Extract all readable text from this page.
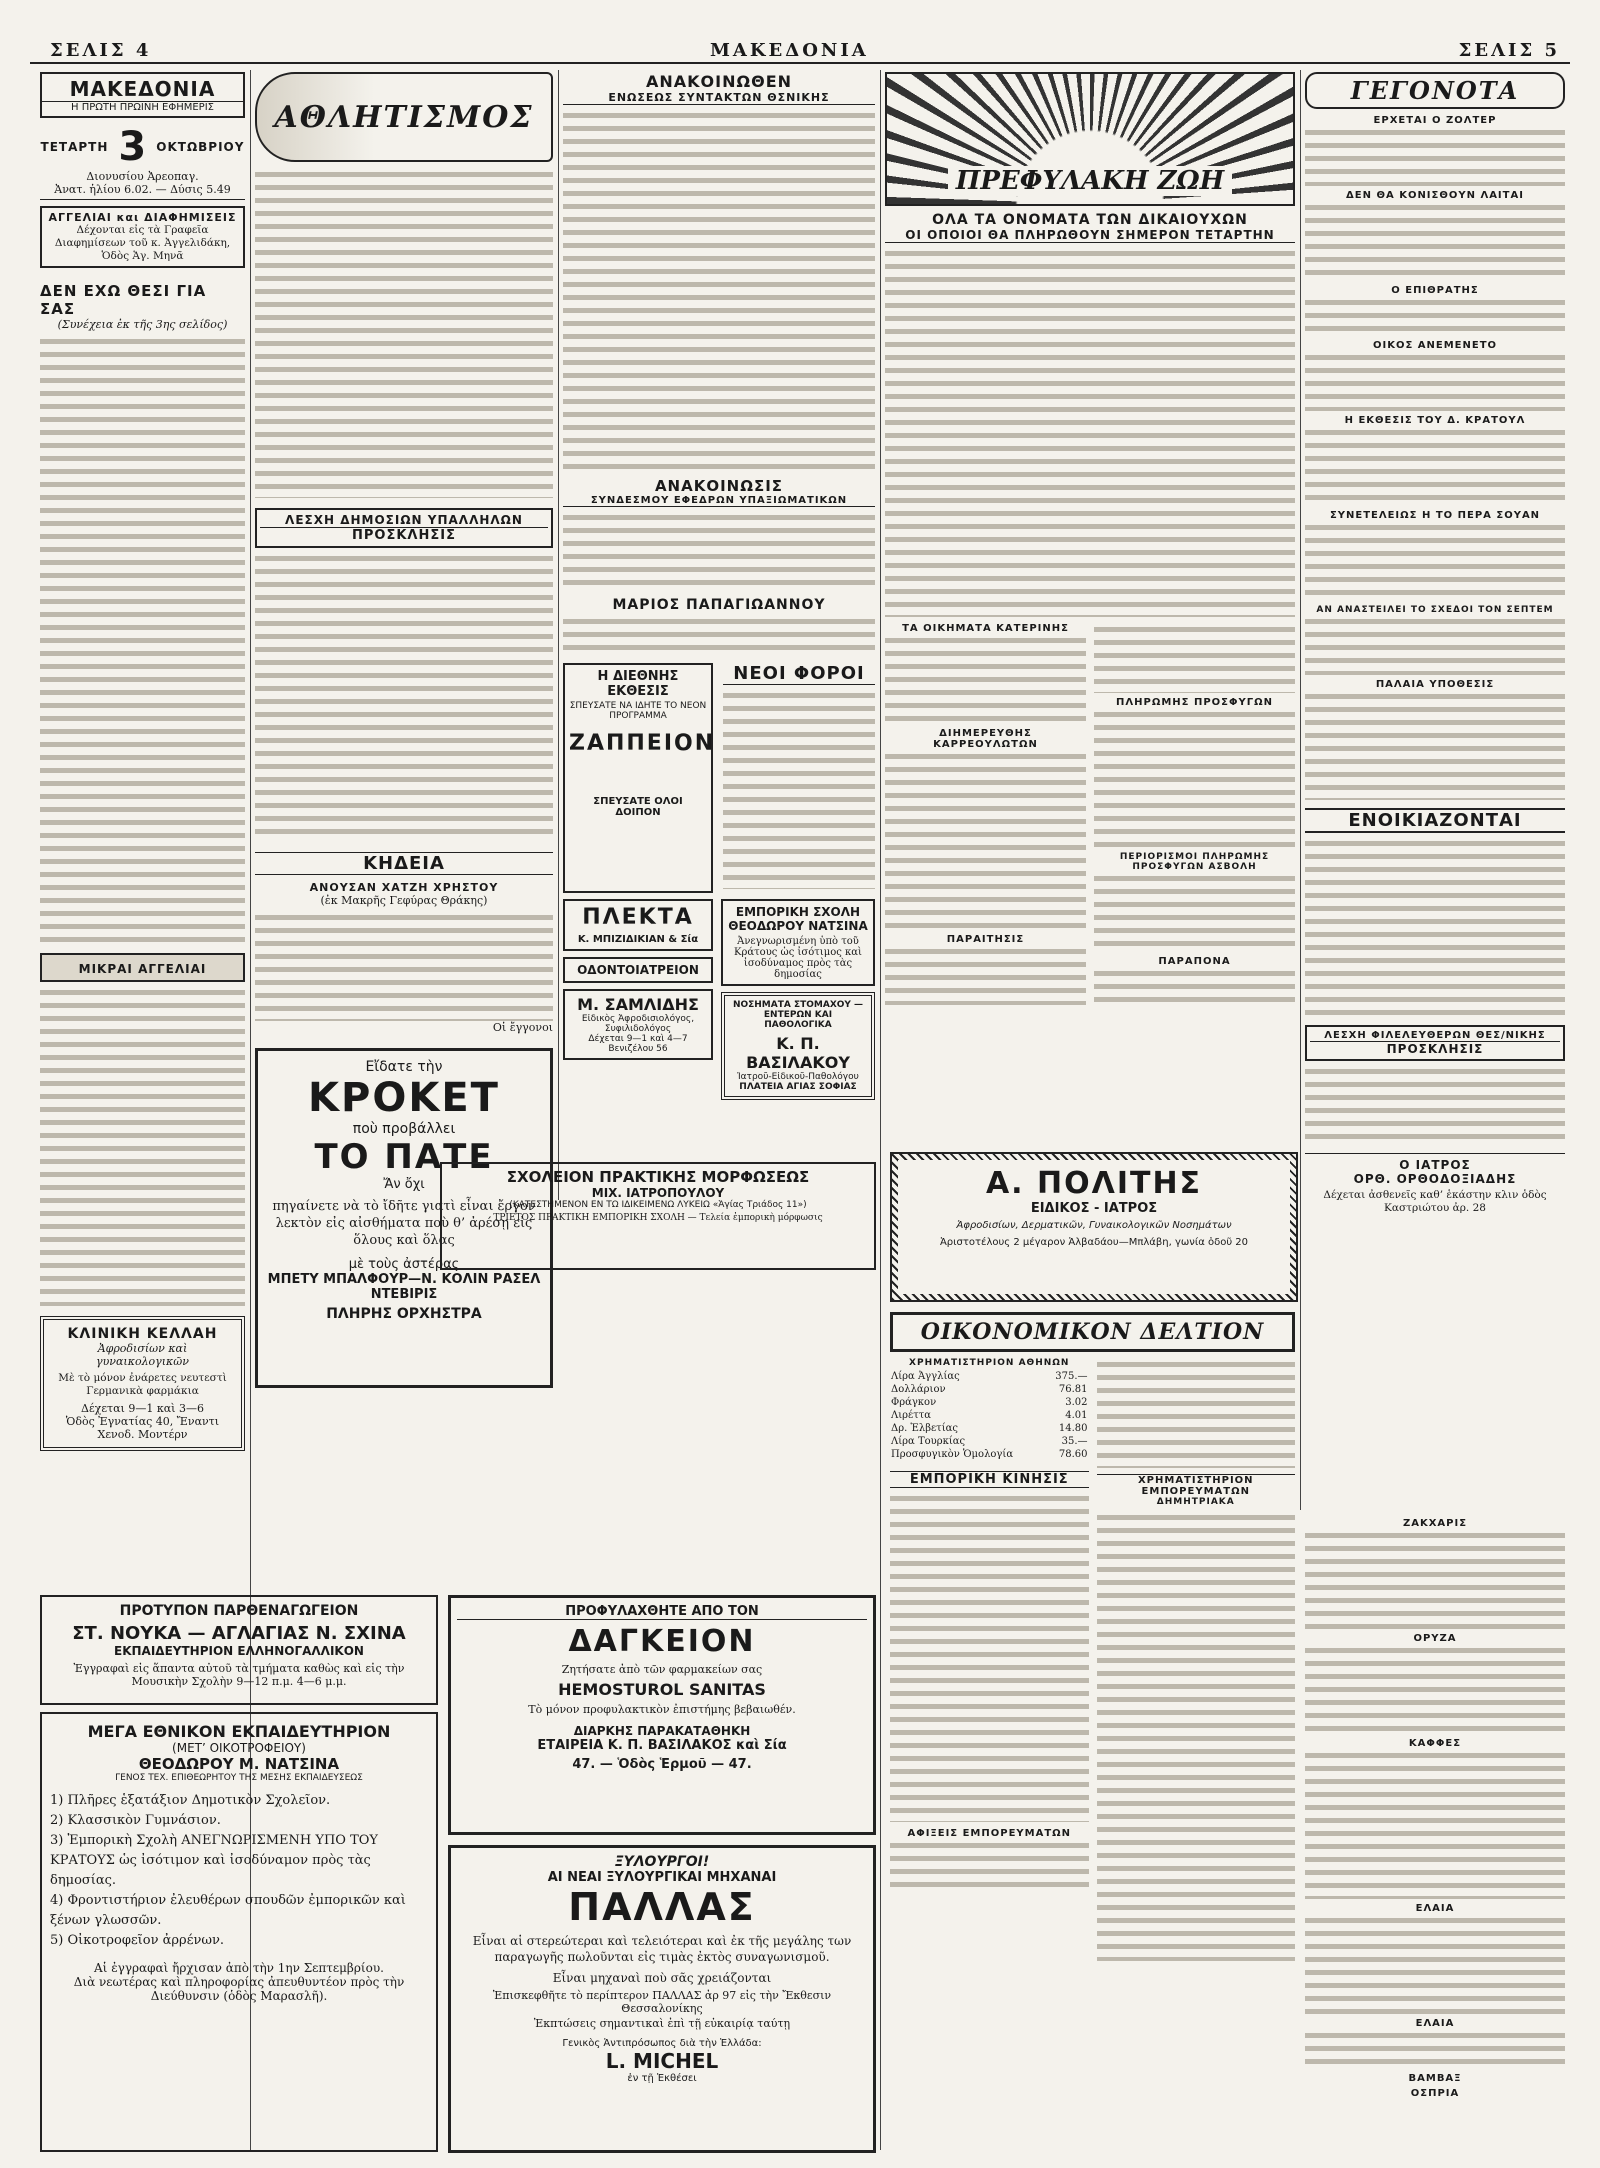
ΣΕΛΙΣ 4	ΜΑΚΕΔΟΝΙΑ	ΣΕΛΙΣ 5
ΜΑΚΕΔΟΝΙΑ
Η ΠΡΩΤΗ ΠΡΩΙΝΗ ΕΦΗΜΕΡΙΣ
ΤΕΤΑΡΤΗ 3 ΟΚΤΩΒΡΙΟΥ
Διονυσίου Ἀρεοπαγ.
Ἀνατ. ἡλίου 6.02. — Δύσις 5.49
ΑΓΓΕΛΙΑΙ και ΔΙΑΦΗΜΙΣΕΙΣ
Δέχονται εἰς τὰ Γραφεῖα Διαφημίσεων τοῦ κ. Ἀγγελιδάκη, Ὁδὸς Ἁγ. Μηνᾶ
ΔΕΝ ΕΧΩ ΘΕΣΙ ΓΙΑ ΣΑΣ
(Συνέχεια ἐκ τῆς 3ης σελίδος)
ΜΙΚΡΑΙ ΑΓΓΕΛΙΑΙ
ΚΛΙΝΙΚΗ ΚΕΛΛΑΗ
Ἀφροδισίων καὶ γυναικολογικῶν
Μὲ τὸ μόνον ἐνάρετες νευτεστὶ Γερμανικὰ φαρμάκια
Δέχεται 9—1 καὶ 3—6
Ὁδὸς Ἐγνατίας 40, Ἔναντι Χενοδ. Μοντέρν
ΑΘΛΗΤΙΣΜΟΣ
ΛΕΣΧΗ ΔΗΜΟΣΙΩΝ ΥΠΑΛΛΗΛΩΝ
ΠΡΟΣΚΛΗΣΙΣ
ΚΗΔΕΙΑ
ΑΝΟΥΣΑΝ ΧΑΤΖΗ ΧΡΗΣΤΟΥ
(ἐκ Μακρῆς Γεφύρας Θράκης)
Οἱ ἔγγονοι
Εἴδατε τὴν
ΚΡΟΚΕΤ
ποὺ προβάλλει
ΤΟ ΠΑΤΕ
Ἄν ὄχι
πηγαίνετε νὰ τὸ ἴδῆτε γιατὶ εἶναι ἔργον λεκτὸν εἰς αἰσθήματα ποὺ θ’ ἀρέσῃ εἰς ὅλους καὶ ὅλας
μὲ τοὺς ἀστέρας
ΜΠΕΤΥ ΜΠΑΛΦΟΥΡ—Ν. ΚΟΛΙΝ ΡΑΣΕΛ ΝΤΕΒΙΡΙΣ
ΠΛΗΡΗΣ ΟΡΧΗΣΤΡΑ
ΑΝΑΚΟΙΝΩΘΕΝ
ΕΝΩΣΕΩΣ ΣΥΝΤΑΚΤΩΝ ΘΣΝΙΚΗΣ
ΑΝΑΚΟΙΝΩΣΙΣ
ΣΥΝΔΕΣΜΟΥ ΕΦΕΔΡΩΝ ΥΠΑΞΙΩΜΑΤΙΚΩΝ
ΜΑΡΙΟΣ ΠΑΠΑΓΙΩΑΝΝΟΥ
Η ΔΙΕΘΝΗΣ ΕΚΘΕΣΙΣ
ΣΠΕΥΣΑΤΕ ΝΑ ΙΔΗΤΕ ΤΟ ΝΕΟΝ ΠΡΟΓΡΑΜΜΑ
ΖΑΠΠΕΙΟΝ
ΣΠΕΥΣΑΤΕ ΟΛΟΙ ΔΟΙΠΟΝ
ΝΕΟΙ ΦΟΡΟΙ
ΠΛΕΚΤΑ
Κ. ΜΠΙΖΙΔΙΚΙΑΝ & Σία
ΟΔΟΝΤΟΙΑΤΡΕΙΟΝ
Μ. ΣΑΜΛΙΔΗΣ
Εἰδικὸς Ἀφροδισιολόγος, Συφιλιδολόγος
Δέχεται 9—1 καὶ 4—7 Βενιζέλου 56
ΕΜΠΟΡΙΚΗ ΣΧΟΛΗ ΘΕΟΔΩΡΟΥ ΝΑΤΣΙΝΑ
Ἀνεγνωρισμένη ὑπὸ τοῦ Κράτους ὡς ἰσότιμος καὶ ἰσοδύναμος πρὸς τὰς δημοσίας
ΝΟΣΗΜΑΤΑ ΣΤΟΜΑΧΟΥ — ΕΝΤΕΡΩΝ ΚΑΙ ΠΑΘΟΛΟΓΙΚΑ
Κ. Π. ΒΑΣΙΛΑΚΟΥ
Ἰατροῦ-Εἰδικοῦ-Παθολόγου
ΠΛΑΤΕΙΑ ΑΓΙΑΣ ΣΟΦΙΑΣ
ΠΡΕΦΥΛΑΚΗ ΖΩΗ
ΟΛΑ ΤΑ ΟΝΟΜΑΤΑ ΤΩΝ ΔΙΚΑΙΟΥΧΩΝ
ΟΙ ΟΠΟΙΟΙ ΘΑ ΠΛΗΡΩΘΟΥΝ ΣΗΜΕΡΟΝ ΤΕΤΑΡΤΗΝ
ΤΑ ΟΙΚΗΜΑΤΑ ΚΑΤΕΡΙΝΗΣ
ΔΙΗΜΕΡΕΥΘΗΣ ΚΑΡΡΕΟΥΛΩΤΩΝ
ΠΑΡΑΙΤΗΣΙΣ
ΠΛΗΡΩΜΗΣ ΠΡΟΣΦΥΓΩΝ
ΠΕΡΙΟΡΙΣΜΟΙ ΠΛΗΡΩΜΗΣ ΠΡΟΣΦΥΓΩΝ ΑΣΒΟΛΗ
ΠΑΡΑΠΟΝΑ
ΓΕΓΟΝΟΤΑ
ΕΡΧΕΤΑΙ Ο ΖΟΛΤΕΡ
ΔΕΝ ΘΑ ΚΟΝΙΣΘΟΥΝ ΛΑΙΤΑΙ
Ο ΕΠΙΘΡΑΤΗΣ
ΟΙΚΟΣ ΑΝΕΜΕΝΕΤΟ
Η ΕΚΘΕΣΙΣ ΤΟΥ Δ. ΚΡΑΤΟΥΛ
ΣΥΝΕΤΕΛΕΙΩΣ Η ΤΟ ΠΕΡΑ ΣΟΥΑΝ
ΑΝ ΑΝΑΣΤΕΙΛΕΙ ΤΟ ΣΧΕΔΟΙ ΤΟΝ ΣΕΠΤΕΜ
ΠΑΛΑΙΑ ΥΠΟΘΕΣΙΣ
ΕΝΟΙΚΙΑΖΟΝΤΑΙ
ΛΕΣΧΗ ΦΙΛΕΛΕΥΘΕΡΩΝ ΘΕΣ/ΝΙΚΗΣ
ΠΡΟΣΚΛΗΣΙΣ
Ο ΙΑΤΡΟΣ
ΟΡΘ. ΟΡΘΟΔΟΞΙΑΔΗΣ
Δέχεται ἀσθενεῖς καθ’ ἑκάστην κλιν ὁδὸς Καστριώτου ἀρ. 28
ΣΧΟΛΕΙΟΝ ΠΡΑΚΤΙΚΗΣ ΜΟΡΦΩΣΕΩΣ
ΜΙΧ. ΙΑΤΡΟΠΟΥΛΟΥ
(ΚΑΤΕΣΤΗΜΕΝΟΝ ΕΝ ΤΩ ΙΔΙΚΕΙΜΕΝΩ ΛΥΚΕΙΩ «Ἁγίας Τριάδος 11»)
ΤΡΙΕΤΟΣ ΠΡΑΚΤΙΚΗ ΕΜΠΟΡΙΚΗ ΣΧΟΛΗ — Τελεία ἐμπορικὴ μόρφωσις
Α. ΠΟΛΙΤΗΣ
ΕΙΔΙΚΟΣ - ΙΑΤΡΟΣ
Ἀφροδισίων, Δερματικῶν, Γυναικολογικῶν Νοσημάτων
Ἀριστοτέλους 2 μέγαρον Ἀλβαδάου—Μπλάβη, γωνία ὁδοῦ 20
ΠΡΟΤΥΠΟΝ ΠΑΡΘΕΝΑΓΩΓΕΙΟΝ
ΣΤ. ΝΟΥΚΑ — ΑΓΛΑΓΙΑΣ Ν. ΣΧΙΝΑ
ΕΚΠΑΙΔΕΥΤΗΡΙΟΝ ΕΛΛΗΝΟΓΑΛΛΙΚΟΝ
Ἐγγραφαὶ εἰς ἅπαντα αὐτοῦ τὰ τμήματα καθὼς καὶ εἰς τὴν Μουσικὴν Σχολὴν 9—12 π.μ. 4—6 μ.μ.
ΜΕΓΑ ΕΘΝΙΚΟΝ ΕΚΠΑΙΔΕΥΤΗΡΙΟΝ
(ΜΕΤ’ ΟΙΚΟΤΡΟΦΕΙΟΥ)
ΘΕΟΔΩΡΟΥ Μ. ΝΑΤΣΙΝΑ
ΓΕΝΟΣ ΤΕΧ. ΕΠΙΘΕΩΡΗΤΟΥ ΤΗΣ ΜΕΣΗΣ ΕΚΠΑΙΔΕΥΣΕΩΣ
1) Πλῆρες ἑξατάξιον Δημοτικὸν Σχολεῖον.
2) Κλασσικὸν Γυμνάσιον.
3) Ἐμπορικὴ Σχολὴ ΑΝΕΓΝΩΡΙΣΜΕΝΗ ΥΠΟ ΤΟΥ ΚΡΑΤΟΥΣ ὡς ἰσότιμον καὶ ἰσοδύναμον πρὸς τὰς δημοσίας.
4) Φροντιστήριον ἐλευθέρων σπουδῶν ἐμπορικῶν καὶ ξένων γλωσσῶν.
5) Οἰκοτροφεῖον ἀρρένων.
Αἱ ἐγγραφαὶ ἤρχισαν ἀπὸ τὴν 1ην Σεπτεμβρίου.
Διὰ νεωτέρας καὶ πληροφορίας ἀπευθυντέον πρὸς τὴν Διεύθυνσιν (ὁδὸς Μαρασλῆ).
ΠΡΟΦΥΛΑΧΘΗΤΕ ΑΠΟ ΤΟΝ
ΔΑΓΚΕΙΟΝ
Ζητήσατε ἀπὸ τῶν φαρμακείων σας
HEMOSTUROL SANITAS
Τὸ μόνον προφυλακτικὸν ἐπιστήμης βεβαιωθέν.
ΔΙΑΡΚΗΣ ΠΑΡΑΚΑΤΑΘΗΚΗ
ΕΤΑΙΡΕΙΑ Κ. Π. ΒΑΣΙΛΑΚΟΣ καὶ Σία
47. — Ὁδὸς Ἑρμοῦ — 47.
ΞΥΛΟΥΡΓΟΙ!
ΑΙ ΝΕΑΙ ΞΥΛΟΥΡΓΙΚΑΙ ΜΗΧΑΝΑΙ
ΠΑΛΛΑΣ
Εἶναι αἱ στερεώτεραι καὶ τελειότεραι καὶ ἐκ τῆς μεγάλης των παραγωγῆς πωλοῦνται εἰς τιμὰς ἐκτὸς συναγωνισμοῦ.
Εἶναι μηχαναὶ ποὺ σᾶς χρειάζονται
Ἐπισκεφθῆτε τὸ περίπτερον ΠΑΛΛΑΣ ἀρ 97 εἰς τὴν Ἔκθεσιν Θεσσαλονίκης
Ἐκπτώσεις σημαντικαὶ ἐπὶ τῇ εὐκαιρίᾳ ταύτῃ
Γενικὸς Ἀντιπρόσωπος διὰ τὴν Ἑλλάδα:
L. MICHEL
ἐν τῇ Ἐκθέσει
ΟΙΚΟΝΟΜΙΚΟΝ ΔΕΛΤΙΟΝ
ΧΡΗΜΑΤΙΣΤΗΡΙΟΝ ΑΘΗΝΩΝ
Λίρα Ἀγγλίας	375.—
Δολλάριον	76.81
Φράγκον	3.02
Λιρέττα	4.01
Δρ. Ἑλβετίας	14.80
Λίρα Τουρκίας	35.—
Προσφυγικὸν Ὁμολογία	78.60
ΕΜΠΟΡΙΚΗ ΚΙΝΗΣΙΣ
ΑΦΙΞΕΙΣ ΕΜΠΟΡΕΥΜΑΤΩΝ
ΧΡΗΜΑΤΙΣΤΗΡΙΟΝ ΕΜΠΟΡΕΥΜΑΤΩΝ
ΔΗΜΗΤΡΙΑΚΑ
ΖΑΚΧΑΡΙΣ
ΟΡΥΖΑ
ΚΑΦΦΕΣ
ΕΛΑΙΑ
ΕΛΑΙΑ
ΒΑΜΒΑΞ
ΟΣΠΡΙΑ
